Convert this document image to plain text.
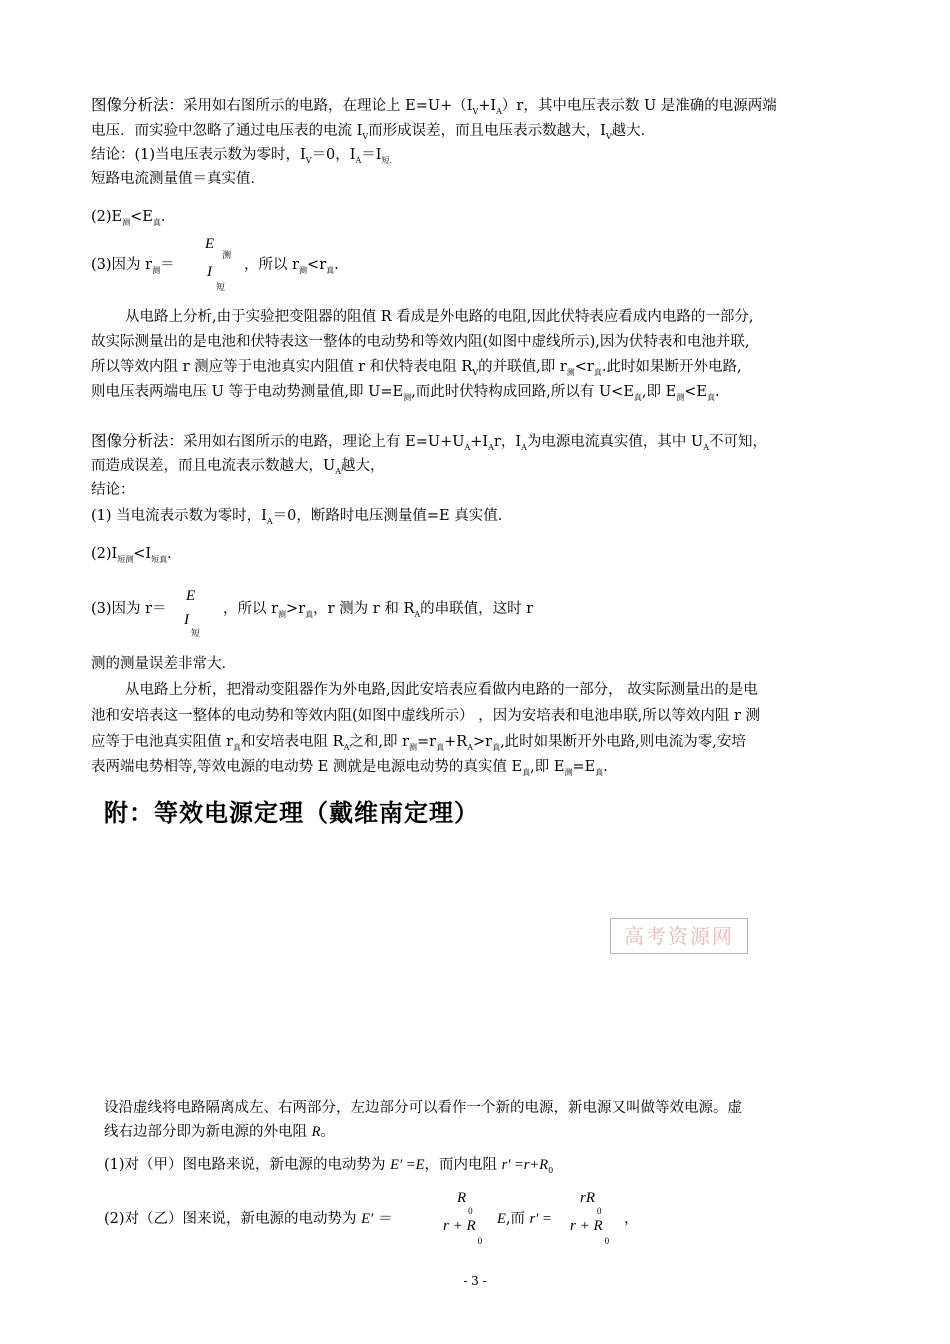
图像分析法：采用如右图所示的电路，在理论上 $E=U+(I_V+I_A)r$，其中电压表示数 U 是准确的电源两端
电压．而实验中忽略了通过电压表的电流 $I_V$而形成误差，而且电压表示数越大，$I_V$越大．
结论：(1)当电压表示数为零时，$I_V=0$，$I_A=I_{短.}$
短路电流测量值＝真实值．
$(2)E_测<E_真$．
(3)因为 $r_测=$
$E_测$
$I_短$
，所以 $r_测<r_真$.
从电路上分析,由于实验把变阻器的阻值 R 看成是外电路的电阻,因此伏特表应看成内电路的一部分,
故实际测量出的是电池和伏特表这一整体的电动势和等效内阻(如图中虚线所示),因为伏特表和电池并联,
所以等效内阻 r 测应等于电池真实内阻值 r 和伏特表电阻 $R_V$的并联值,即 $r_测<r_真$.此时如果断开外电路,
则电压表两端电压 U 等于电动势测量值,即 $U=E_测$,而此时伏特构成回路,所以有 $U<E_真$,即 $E_测<E_真$.
图像分析法：采用如右图所示的电路，理论上有 $E=U+U_A+I_Ar$，$I_A$为电源电流真实值，其中 $U_A$不可知，
而造成误差，而且电流表示数越大，$U_A$越大，
结论：
(1) 当电流表示数为零时，$I_A=0$，断路时电压测量值=E 真实值．
$(2)I_{短测}<I_{短真}$．
(3)因为 r＝
E
$I_短$
，所以 $r_测>r_真$，r 测为 r 和 $R_A$的串联值，这时 r
测的测量误差非常大．
从电路上分析，把滑动变阻器作为外电路,因此安培表应看做内电路的一部分， 故实际测量出的是电
池和安培表这一整体的电动势和等效内阻(如图中虚线所示） ，因为安培表和电池串联,所以等效内阻 r 测
应等于电池真实阻值 $r_真$和安培表电阻 $R_A$之和,即 $r_测=r_真+R_A>r_真$,此时如果断开外电路,则电流为零,安培
表两端电势相等,等效电源的电动势 E 测就是电源电动势的真实值 $E_真$,即 $E_测=E_真$.
附：等效电源定理（戴维南定理）
高考资源网
设沿虚线将电路隔离成左、右两部分，左边部分可以看作一个新的电源，新电源又叫做等效电源。虚
线右边部分即为新电源的外电阻 R。
(1)对（甲）图电路来说，新电源的电动势为 E′ =E，而内电阻 $r' =r+R_0$
(2)对（乙）图来说，新电源的电动势为 E′ ＝
$R_0$
$r + R_0$
E,而 r′ =
$rR_0$
$r + R_0$
，
- 3 -
